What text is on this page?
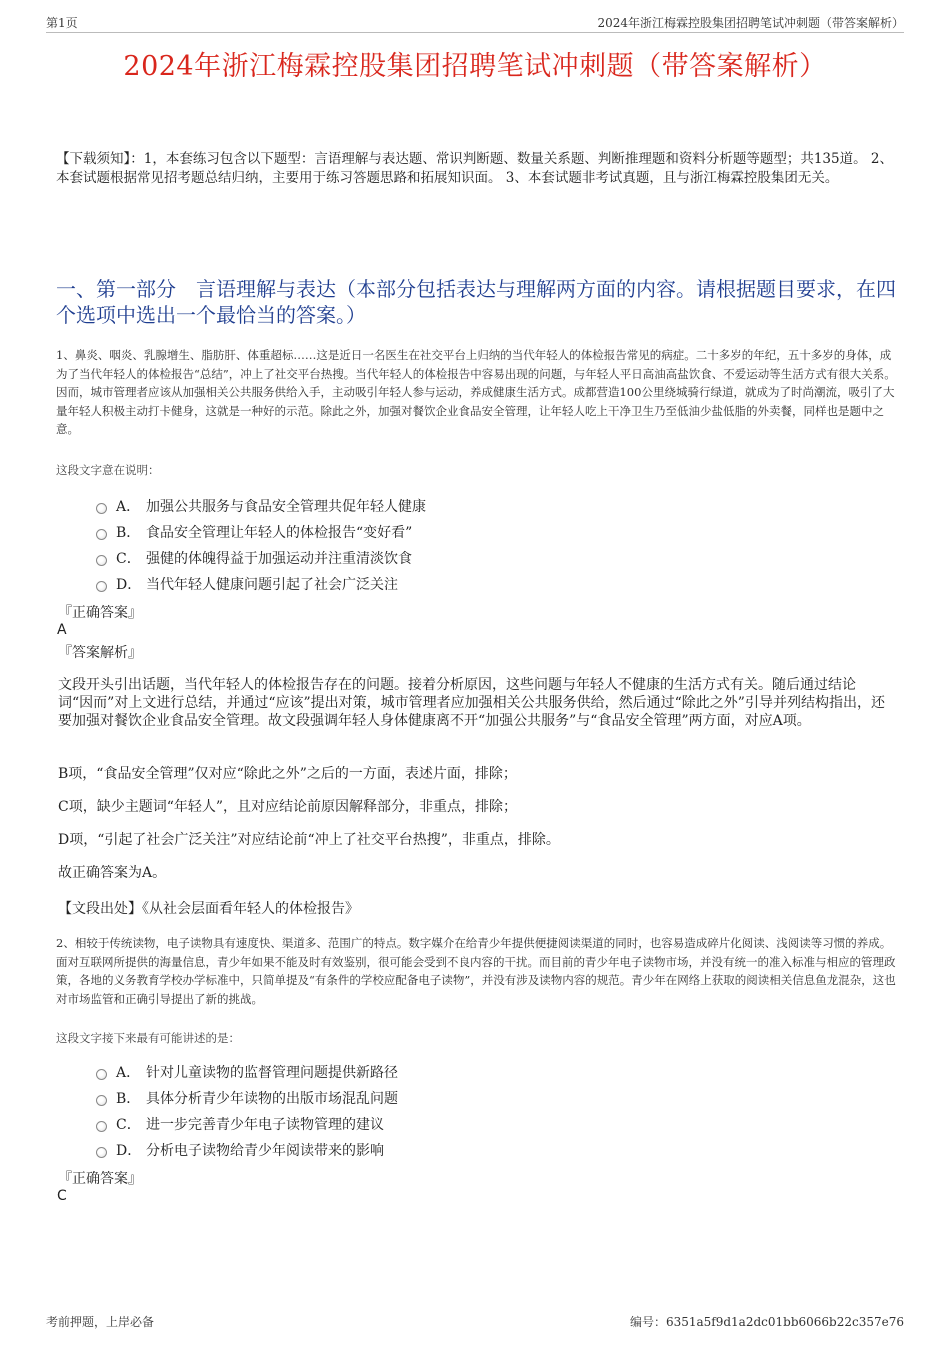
第1页	2024年浙江梅霖控股集团招聘笔试冲刺题（带答案解析）
2024年浙江梅霖控股集团招聘笔试冲刺题（带答案解析）
【下载须知】：1，本套练习包含以下题型：言语理解与表达题、常识判断题、数量关系题、判断推理题和资料分析题等题型；共135道。 2、本套试题根据常见招考题总结归纳，主要用于练习答题思路和拓展知识面。 3、本套试题非考试真题，且与浙江梅霖控股集团无关。
一、第一部分　言语理解与表达（本部分包括表达与理解两方面的内容。请根据题目要求，在四个选项中选出一个最恰当的答案。）
1、鼻炎、咽炎、乳腺增生、脂肪肝、体重超标……这是近日一名医生在社交平台上归纳的当代年轻人的体检报告常见的病症。二十多岁的年纪，五十多岁的身体，成为了当代年轻人的体检报告“总结”，冲上了社交平台热搜。当代年轻人的体检报告中容易出现的问题，与年轻人平日高油高盐饮食、不爱运动等生活方式有很大关系。因而，城市管理者应该从加强相关公共服务供给入手，主动吸引年轻人参与运动，养成健康生活方式。成都营造100公里绕城骑行绿道，就成为了时尚潮流，吸引了大量年轻人积极主动打卡健身，这就是一种好的示范。除此之外，加强对餐饮企业食品安全管理，让年轻人吃上干净卫生乃至低油少盐低脂的外卖餐，同样也是题中之意。
这段文字意在说明：
A． 加强公共服务与食品安全管理共促年轻人健康
B． 食品安全管理让年轻人的体检报告“变好看”
C． 强健的体魄得益于加强运动并注重清淡饮食
D． 当代年轻人健康问题引起了社会广泛关注
『正确答案』
A
『答案解析』
文段开头引出话题，当代年轻人的体检报告存在的问题。接着分析原因，这些问题与年轻人不健康的生活方式有关。随后通过结论词“因而”对上文进行总结，并通过“应该”提出对策，城市管理者应加强相关公共服务供给，然后通过“除此之外”引导并列结构指出，还要加强对餐饮企业食品安全管理。故文段强调年轻人身体健康离不开“加强公共服务”与“食品安全管理”两方面，对应A项。
B项，“食品安全管理”仅对应“除此之外”之后的一方面，表述片面，排除；
C项，缺少主题词“年轻人”，且对应结论前原因解释部分，非重点，排除；
D项，“引起了社会广泛关注”对应结论前“冲上了社交平台热搜”，非重点，排除。
故正确答案为A。
【文段出处】《从社会层面看年轻人的体检报告》
2、相较于传统读物，电子读物具有速度快、渠道多、范围广的特点。数字媒介在给青少年提供便捷阅读渠道的同时，也容易造成碎片化阅读、浅阅读等习惯的养成。面对互联网所提供的海量信息，青少年如果不能及时有效鉴别，很可能会受到不良内容的干扰。而目前的青少年电子读物市场，并没有统一的准入标准与相应的管理政策，各地的义务教育学校办学标准中，只简单提及“有条件的学校应配备电子读物”，并没有涉及读物内容的规范。青少年在网络上获取的阅读相关信息鱼龙混杂，这也对市场监管和正确引导提出了新的挑战。
这段文字接下来最有可能讲述的是：
A． 针对儿童读物的监督管理问题提供新路径
B． 具体分析青少年读物的出版市场混乱问题
C． 进一步完善青少年电子读物管理的建议
D． 分析电子读物给青少年阅读带来的影响
『正确答案』
C
考前押题，上岸必备	编号：6351a5f9d1a2dc01bb6066b22c357e76
